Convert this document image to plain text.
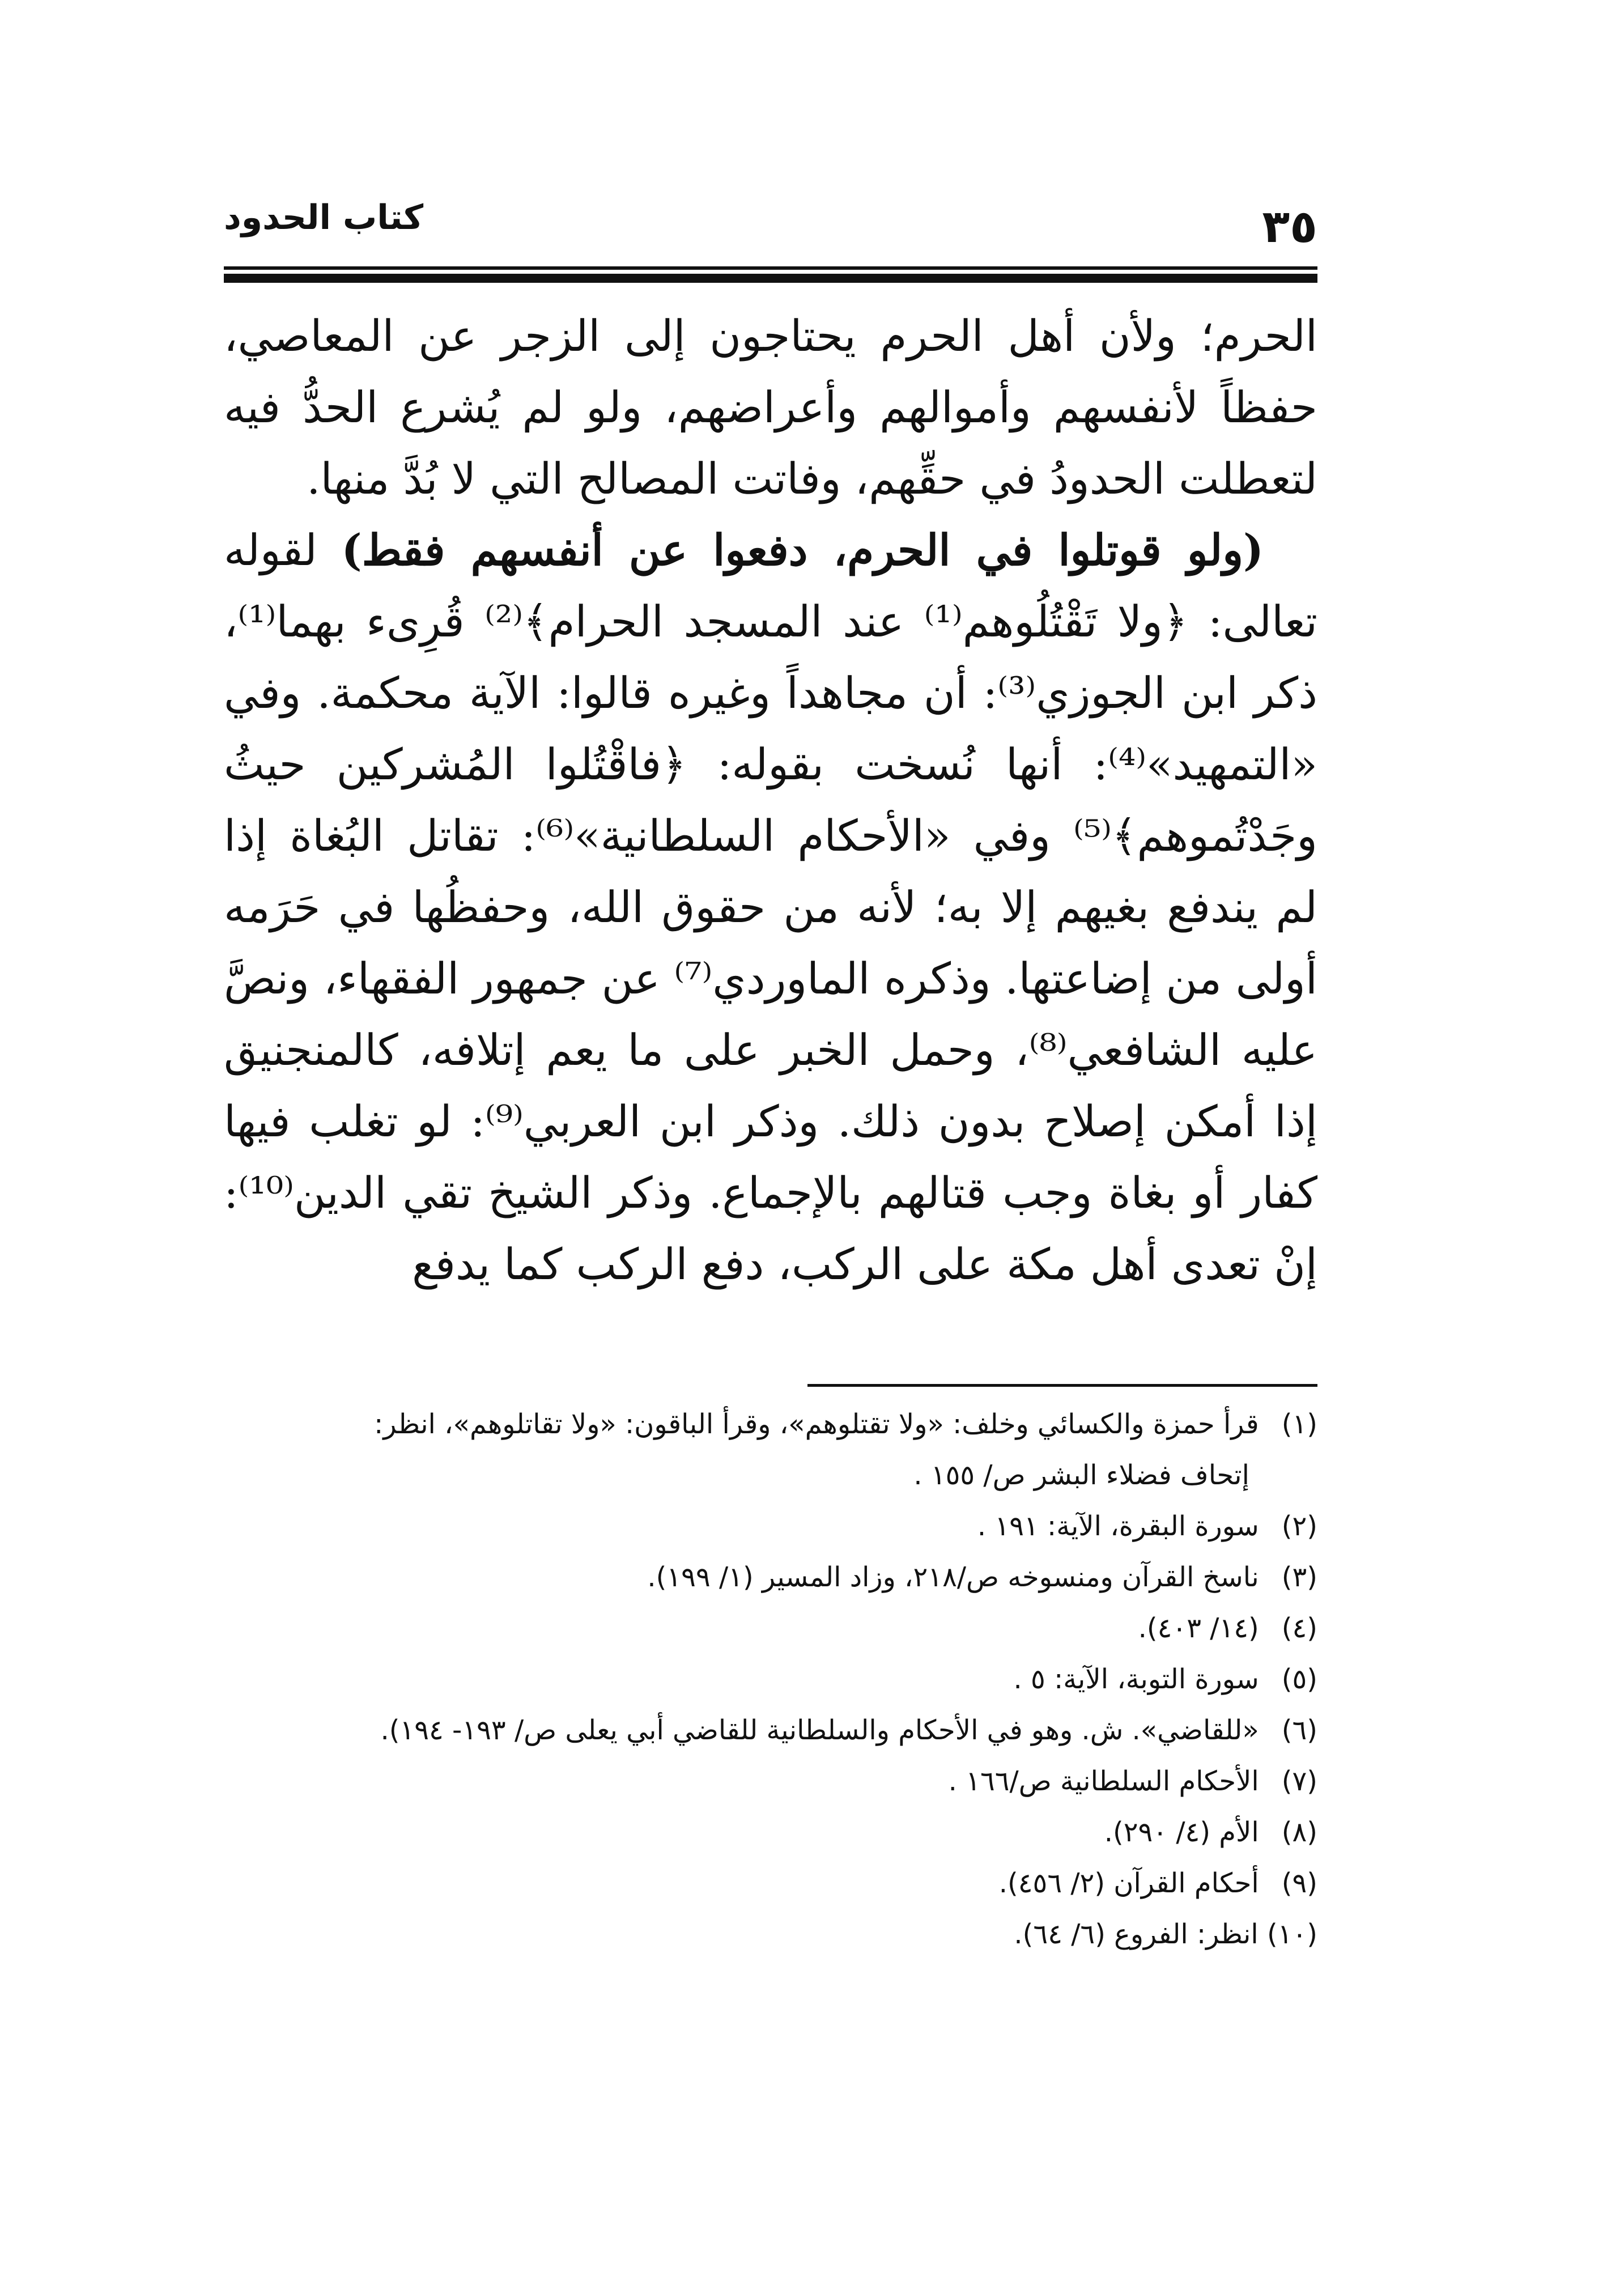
٣٥
كتاب الحدود

الحرم؛ ولأن أهل الحرم يحتاجون إلى الزجر عن المعاصي، حفظاً لأنفسهم وأموالهم وأعراضهم، ولو لم يُشرع الحدُّ فيه لتعطلت الحدودُ في حقِّهم، وفاتت المصالح التي لا بُدَّ منها.

(ولو قوتلوا في الحرم، دفعوا عن أنفسهم فقط) لقوله تعالى: ﴿ولا تَقْتُلُوهم⁽¹⁾ عند المسجد الحرام﴾⁽²⁾ قُرِىء بهما⁽¹⁾، ذكر ابن الجوزي⁽³⁾: أن مجاهداً وغيره قالوا: الآية محكمة. وفي «التمهيد»⁽⁴⁾: أنها نُسخت بقوله: ﴿فاقْتُلوا المُشركين حيثُ وجَدْتُموهم﴾⁽⁵⁾ وفي «الأحكام السلطانية»⁽⁶⁾: تقاتل البُغاة إذا لم يندفع بغيهم إلا به؛ لأنه من حقوق الله، وحفظُها في حَرَمه أولى من إضاعتها. وذكره الماوردي⁽⁷⁾ عن جمهور الفقهاء، ونصَّ عليه الشافعي⁽⁸⁾، وحمل الخبر على ما يعم إتلافه، كالمنجنيق إذا أمكن إصلاح بدون ذلك. وذكر ابن العربي⁽⁹⁾: لو تغلب فيها كفار أو بغاة وجب قتالهم بالإجماع. وذكر الشيخ تقي الدين⁽¹⁰⁾: إنْ تعدى أهل مكة على الركب، دفع الركب كما يدفع

(١) قرأ حمزة والكسائي وخلف: «ولا تقتلوهم»، وقرأ الباقون: «ولا تقاتلوهم»، انظر:
إتحاف فضلاء البشر ص/ ١٥٥ .
(٢) سورة البقرة، الآية: ١٩١ .
(٣) ناسخ القرآن ومنسوخه ص/٢١٨، وزاد المسير (١/ ١٩٩).
(٤) (١٤/ ٤٠٣).
(٥) سورة التوبة، الآية: ٥ .
(٦) «للقاضي». ش. وهو في الأحكام والسلطانية للقاضي أبي يعلى ص/ ١٩٣- ١٩٤).
(٧) الأحكام السلطانية ص/١٦٦ .
(٨) الأم (٤/ ٢٩٠).
(٩) أحكام القرآن (٢/ ٤٥٦).
(١٠) انظر: الفروع (٦/ ٦٤).
